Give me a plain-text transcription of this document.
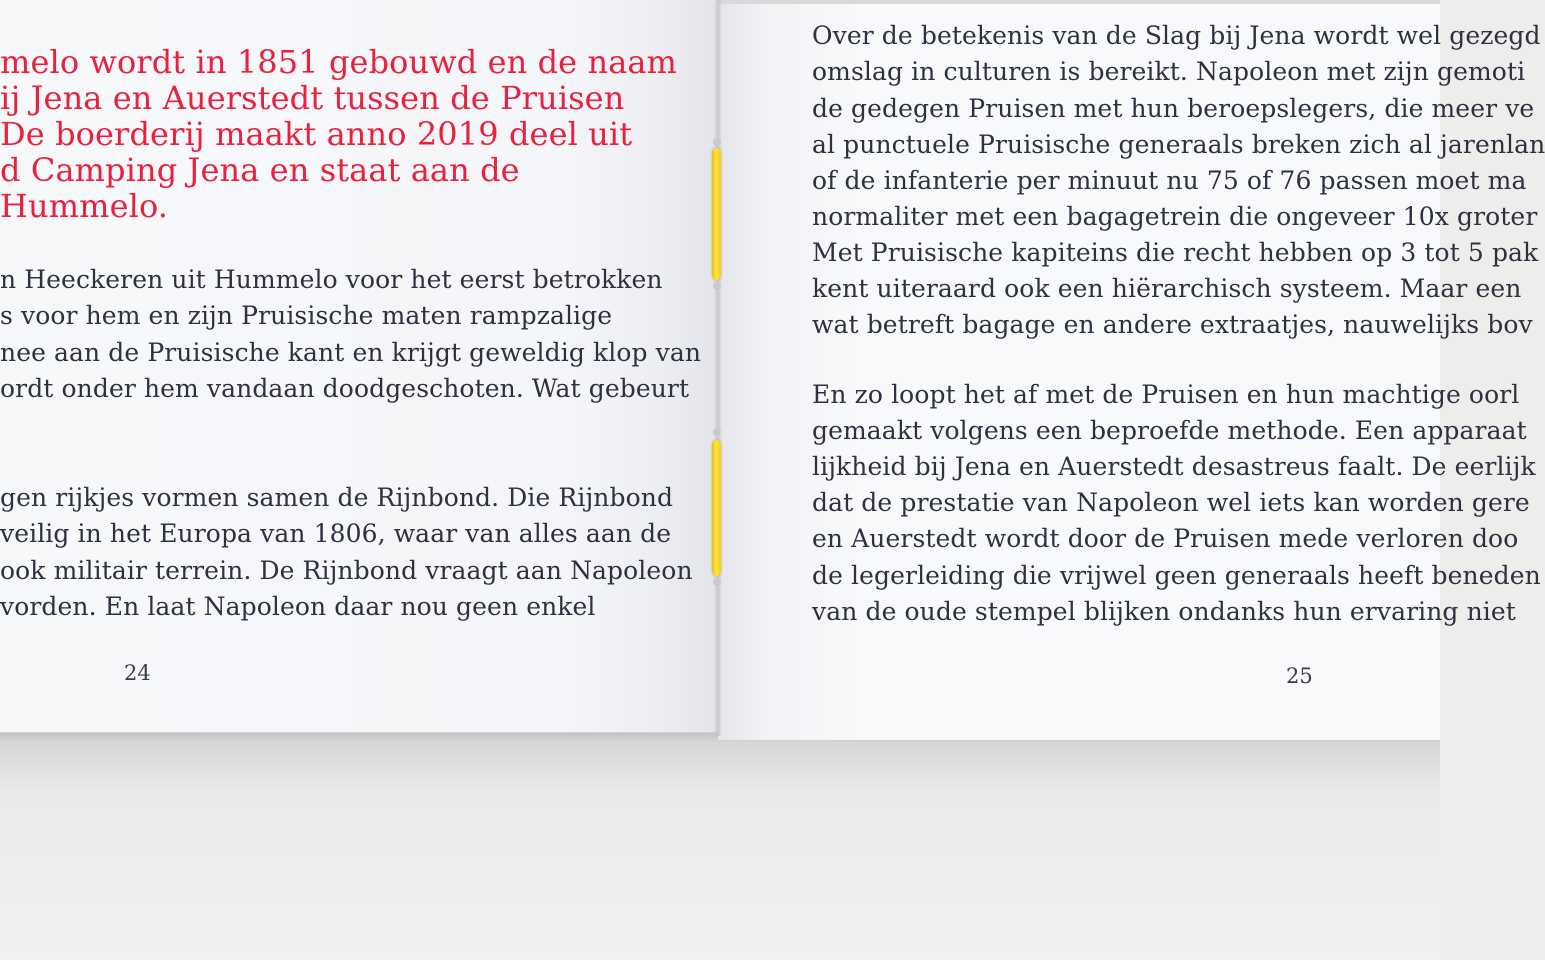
melo wordt in 1851 gebouwd en de naam
ij Jena en Auerstedt tussen de Pruisen
De boerderij maakt anno 2019 deel uit
d Camping Jena en staat aan de
Hummelo.
n Heeckeren uit Hummelo voor het eerst betrokken
s voor hem en zijn Pruisische maten rampzalige
nee aan de Pruisische kant en krijgt geweldig klop van
ordt onder hem vandaan doodgeschoten. Wat gebeurt
gen rijkjes vormen samen de Rijnbond. Die Rijnbond
veilig in het Europa van 1806, waar van alles aan de
ook militair terrein. De Rijnbond vraagt aan Napoleon
vorden. En laat Napoleon daar nou geen enkel
24
Over de betekenis van de Slag bij Jena wordt wel gezegd
omslag in culturen is bereikt. Napoleon met zijn gemoti
de gedegen Pruisen met hun beroepslegers, die meer ve
al punctuele Pruisische generaals breken zich al jarenlan
of de infanterie per minuut nu 75 of 76 passen moet ma
normaliter met een bagagetrein die ongeveer 10x groter
Met Pruisische kapiteins die recht hebben op 3 tot 5 pak
kent uiteraard ook een hiërarchisch systeem. Maar een
wat betreft bagage en andere extraatjes, nauwelijks bov
En zo loopt het af met de Pruisen en hun machtige oorl
gemaakt volgens een beproefde methode. Een apparaat
lijkheid bij Jena en Auerstedt desastreus faalt. De eerlijk
dat de prestatie van Napoleon wel iets kan worden gere
en Auerstedt wordt door de Pruisen mede verloren doo
de legerleiding die vrijwel geen generaals heeft beneden
van de oude stempel blijken ondanks hun ervaring niet
25
